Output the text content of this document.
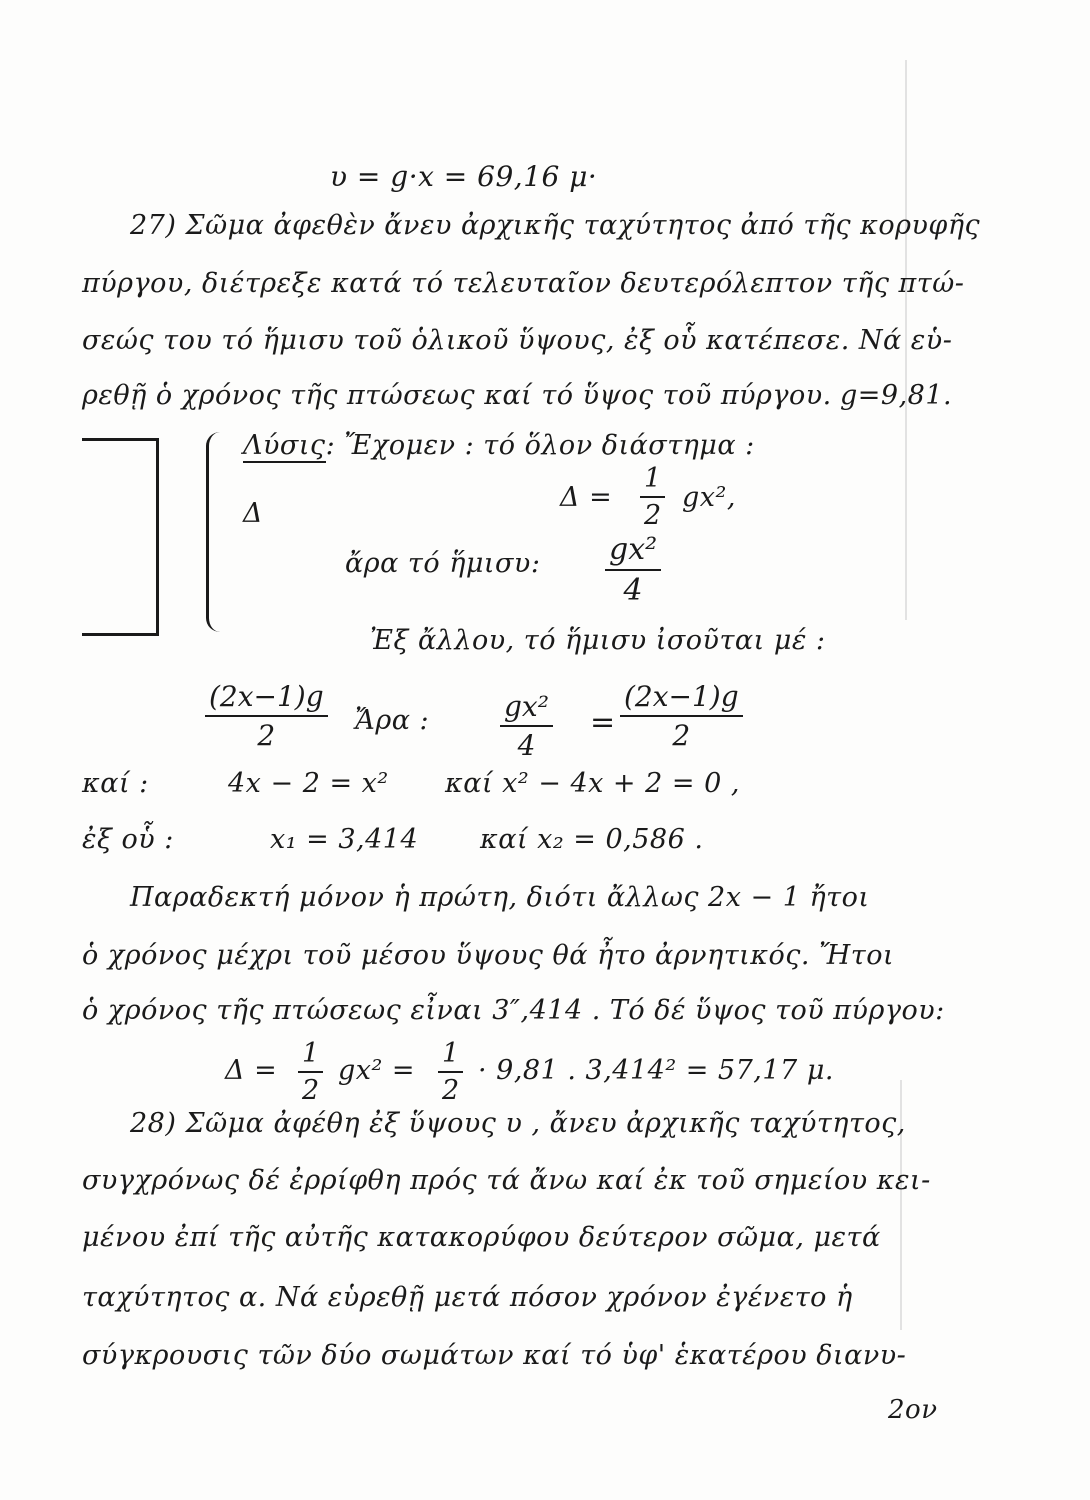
υ = g·x = 69,16 μ·
27) Σῶμα ἀφεθὲν ἄνευ ἀρχικῆς ταχύτητος ἀπό τῆς κορυφῆς
πύργου, διέτρεξε κατά τό τελευταῖον δευτερόλεπτον τῆς πτώ-
σεώς του τό ἥμισυ τοῦ ὁλικοῦ ὕψους, ἐξ οὗ κατέπεσε. Νά εὑ-
ρεθῇ ὁ χρόνος τῆς πτώσεως καί τό ὕψος τοῦ πύργου. g=9,81.
Λύσις: Ἔχομεν : τό ὅλον διάστημα :
Δ
Δ =
1
2
gx²,
ἄρα τό ἥμισυ: gx²
4
Ἐξ ἄλλου, τό ἥμισυ ἰσοῦται μέ :
(2x−1)g
2	Ἄρα :	gx²
4
=
(2x−1)g
2
καί :	4x − 2 = x² καί x² − 4x + 2 = 0 ,
ἐξ οὗ :	x₁ = 3,414 καί x₂ = 0,586 .
Παραδεκτή μόνον ἡ πρώτη, διότι ἄλλως 2x − 1 ἤτοι
ὁ χρόνος μέχρι τοῦ μέσου ὕψους θά ἦτο ἀρνητικός. Ἤτοι
ὁ χρόνος τῆς πτώσεως εἶναι 3″,414 . Τό δέ ὕψος τοῦ πύργου:
Δ =
1
2
gx² =
1
2
· 9,81 . 3,414² = 57,17 μ.
28) Σῶμα ἀφέθη ἐξ ὕψους υ , ἄνευ ἀρχικῆς ταχύτητος,
συγχρόνως δέ ἐρρίφθη πρός τά ἄνω καί ἐκ τοῦ σημείου κει-
μένου ἐπί τῆς αὐτῆς κατακορύφου δεύτερον σῶμα, μετά
ταχύτητος α. Νά εὑρεθῇ μετά πόσον χρόνον ἐγένετο ἡ
σύγκρουσις τῶν δύο σωμάτων καί τό ὑφ' ἑκατέρου διανυ-
2ον
